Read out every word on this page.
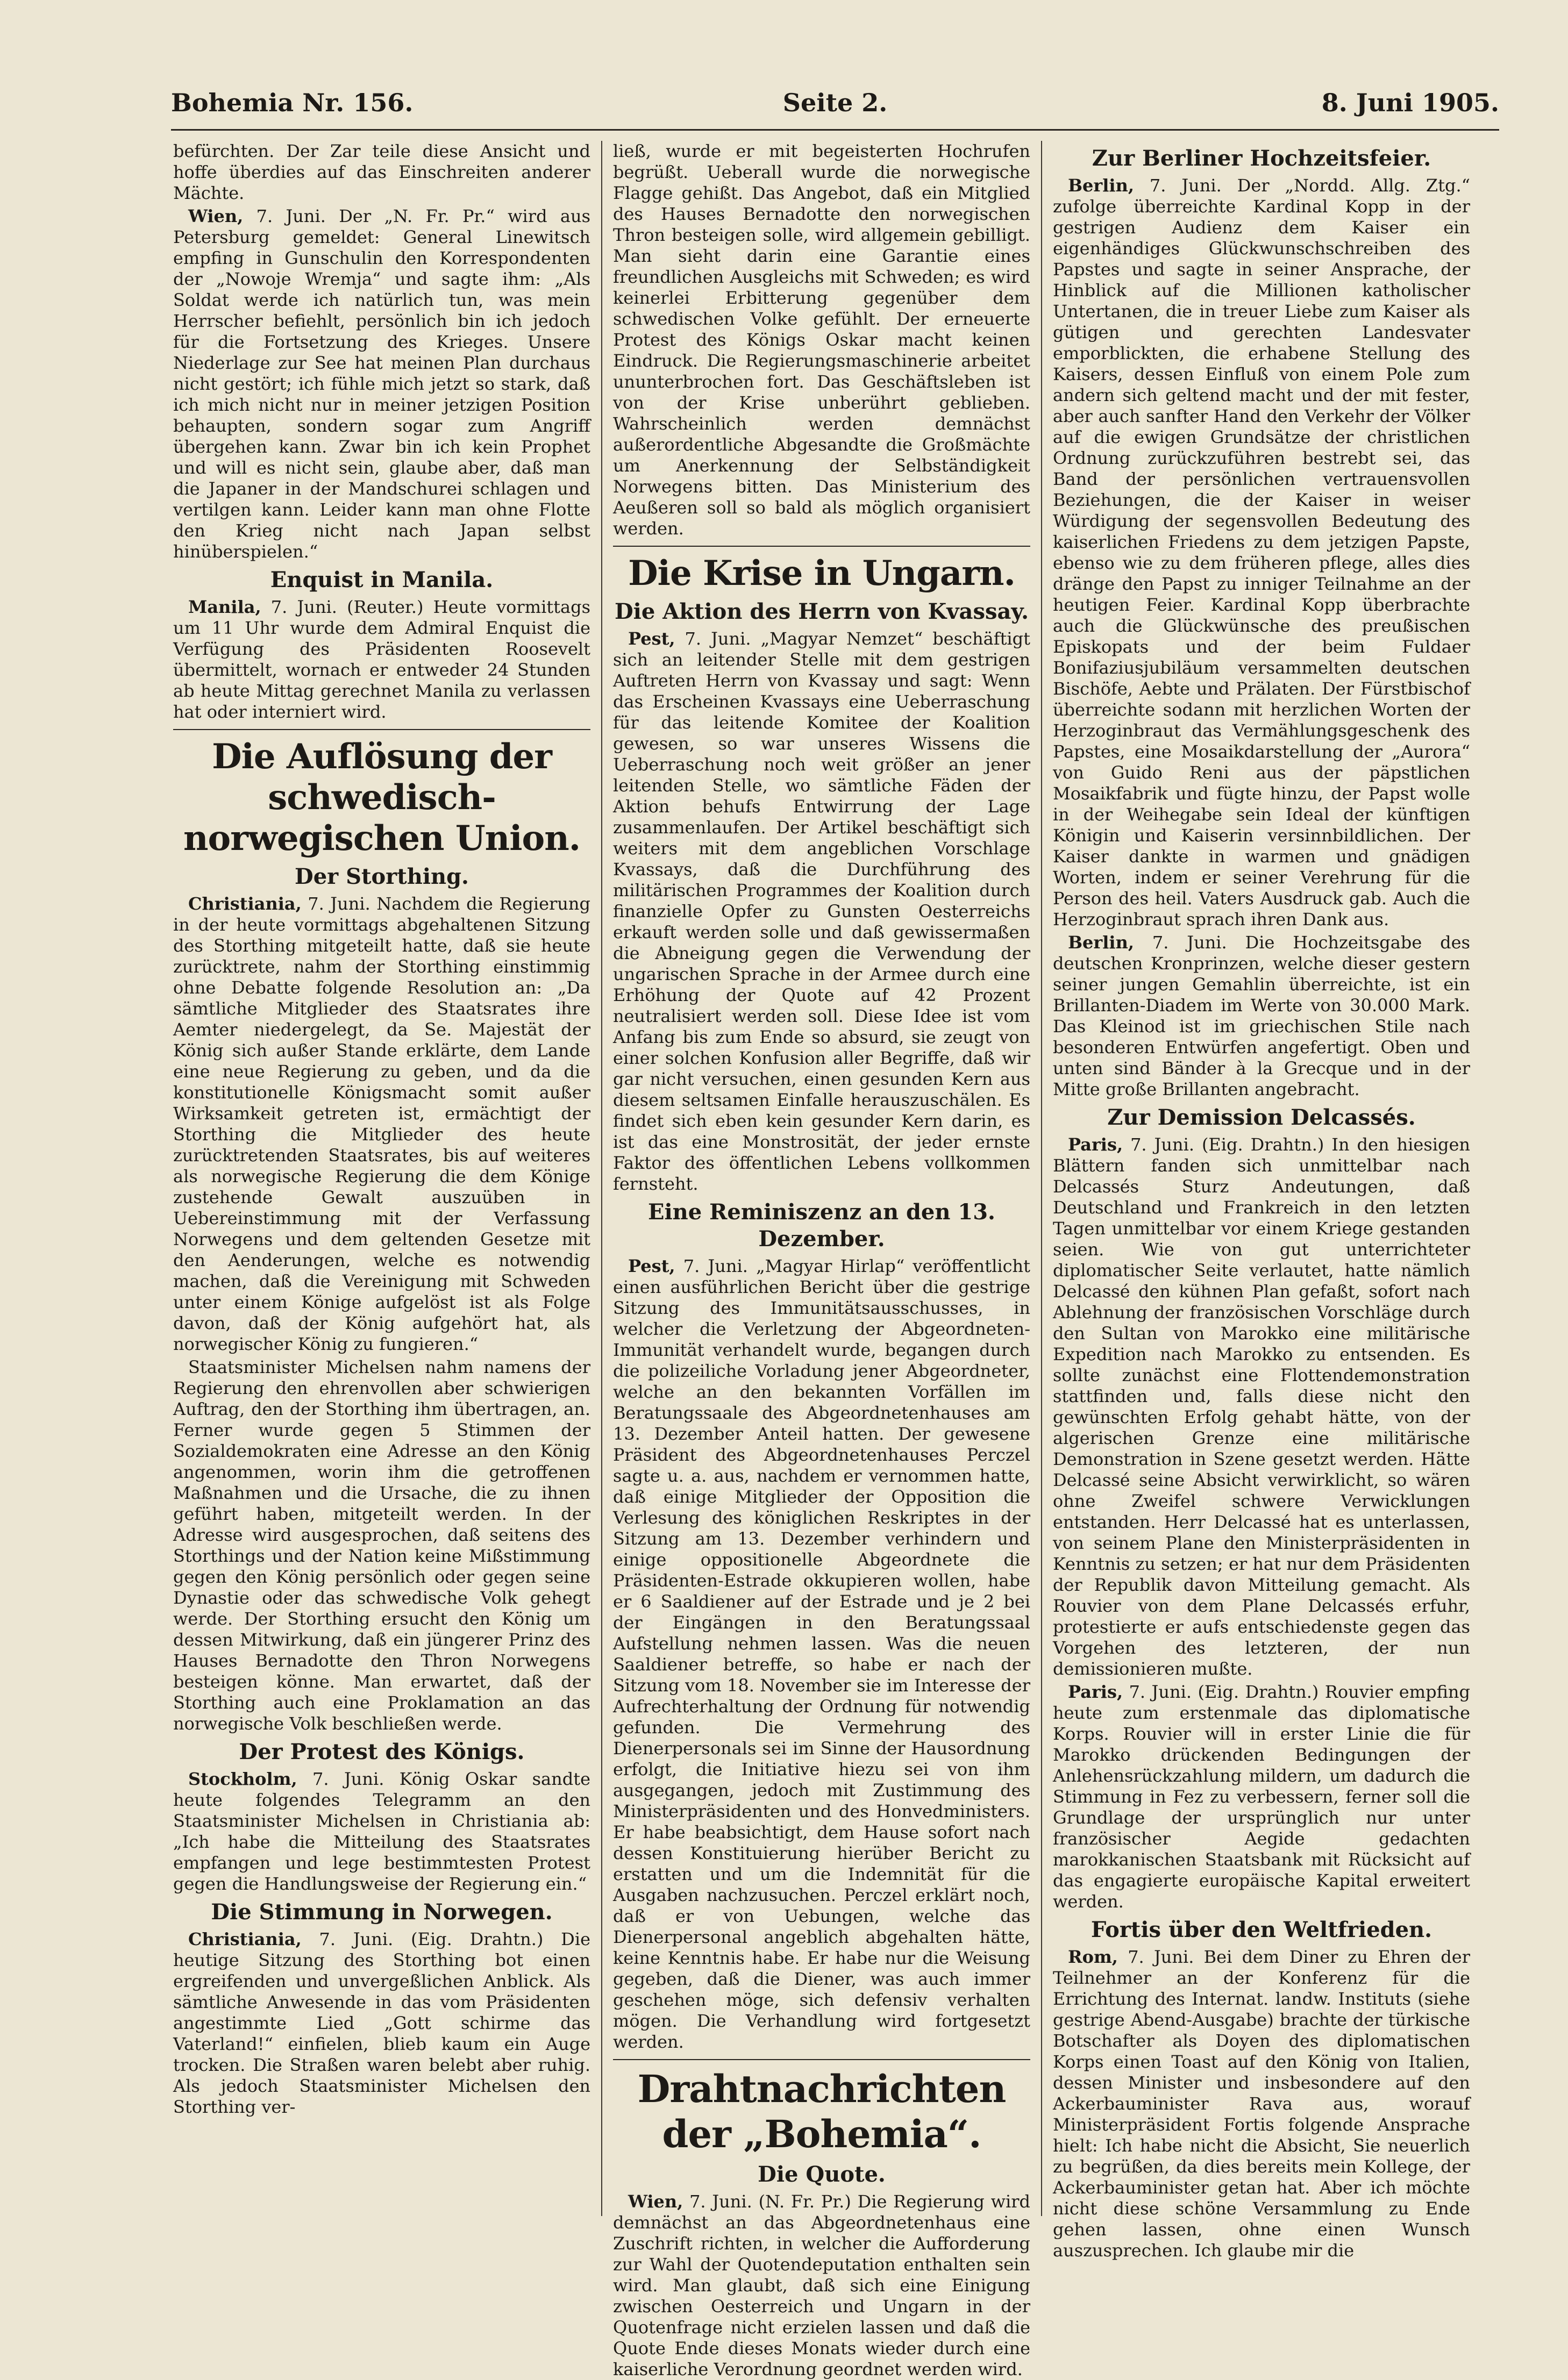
Bohemia Nr. 156.	Seite 2.	8. Juni 1905.

befürchten. Der Zar teile diese Ansicht und hoffe überdies auf das Einschreiten anderer Mächte.

Wien, 7. Juni. Der „N. Fr. Pr.“ wird aus Petersburg gemeldet: General Linewitsch empfing in Gunschulin den Korrespondenten der „Nowoje Wremja“ und sagte ihm: „Als Soldat werde ich natürlich tun, was mein Herrscher befiehlt, persönlich bin ich jedoch für die Fortsetzung des Krieges. Unsere Niederlage zur See hat meinen Plan durchaus nicht gestört; ich fühle mich jetzt so stark, daß ich mich nicht nur in meiner jetzigen Position behaupten, sondern sogar zum Angriff übergehen kann. Zwar bin ich kein Prophet und will es nicht sein, glaube aber, daß man die Japaner in der Mandschurei schlagen und vertilgen kann. Leider kann man ohne Flotte den Krieg nicht nach Japan selbst hinüberspielen.“

Enquist in Manila.

Manila, 7. Juni. (Reuter.) Heute vormittags um 11 Uhr wurde dem Admiral Enquist die Verfügung des Präsidenten Roosevelt übermittelt, wornach er entweder 24 Stunden ab heute Mittag gerechnet Manila zu verlassen hat oder interniert wird.

Die Auflösung der schwedisch-norwegischen Union.
Der Storthing.

Christiania, 7. Juni. Nachdem die Regierung in der heute vormittags abgehaltenen Sitzung des Storthing mitgeteilt hatte, daß sie heute zurücktrete, nahm der Storthing einstimmig ohne Debatte folgende Resolution an: „Da sämtliche Mitglieder des Staatsrates ihre Aemter niedergelegt, da Se. Majestät der König sich außer Stande erklärte, dem Lande eine neue Regierung zu geben, und da die konstitutionelle Königsmacht somit außer Wirksamkeit getreten ist, ermächtigt der Storthing die Mitglieder des heute zurücktretenden Staatsrates, bis auf weiteres als norwegische Regierung die dem Könige zustehende Gewalt auszuüben in Uebereinstimmung mit der Verfassung Norwegens und dem geltenden Gesetze mit den Aenderungen, welche es notwendig machen, daß die Vereinigung mit Schweden unter einem Könige aufgelöst ist als Folge davon, daß der König aufgehört hat, als norwegischer König zu fungieren.“

Staatsminister Michelsen nahm namens der Regierung den ehrenvollen aber schwierigen Auftrag, den der Storthing ihm übertragen, an. Ferner wurde gegen 5 Stimmen der Sozialdemokraten eine Adresse an den König angenommen, worin ihm die getroffenen Maßnahmen und die Ursache, die zu ihnen geführt haben, mitgeteilt werden. In der Adresse wird ausgesprochen, daß seitens des Storthings und der Nation keine Mißstimmung gegen den König persönlich oder gegen seine Dynastie oder das schwedische Volk gehegt werde. Der Storthing ersucht den König um dessen Mitwirkung, daß ein jüngerer Prinz des Hauses Bernadotte den Thron Norwegens besteigen könne. Man erwartet, daß der Storthing auch eine Proklamation an das norwegische Volk beschließen werde.

Der Protest des Königs.

Stockholm, 7. Juni. König Oskar sandte heute folgendes Telegramm an den Staatsminister Michelsen in Christiania ab: „Ich habe die Mitteilung des Staatsrates empfangen und lege bestimmtesten Protest gegen die Handlungsweise der Regierung ein.“

Die Stimmung in Norwegen.

Christiania, 7. Juni. (Eig. Drahtn.) Die heutige Sitzung des Storthing bot einen ergreifenden und unvergeßlichen Anblick. Als sämtliche Anwesende in das vom Präsidenten angestimmte Lied „Gott schirme das Vaterland!“ einfielen, blieb kaum ein Auge trocken. Die Straßen waren belebt aber ruhig. Als jedoch Staatsminister Michelsen den Storthing ver-

ließ, wurde er mit begeisterten Hochrufen begrüßt. Ueberall wurde die norwegische Flagge gehißt. Das Angebot, daß ein Mitglied des Hauses Bernadotte den norwegischen Thron besteigen solle, wird allgemein gebilligt. Man sieht darin eine Garantie eines freundlichen Ausgleichs mit Schweden; es wird keinerlei Erbitterung gegenüber dem schwedischen Volke gefühlt. Der erneuerte Protest des Königs Oskar macht keinen Eindruck. Die Regierungsmaschinerie arbeitet ununterbrochen fort. Das Geschäftsleben ist von der Krise unberührt geblieben. Wahrscheinlich werden demnächst außerordentliche Abgesandte die Großmächte um Anerkennung der Selbständigkeit Norwegens bitten. Das Ministerium des Aeußeren soll so bald als möglich organisiert werden.

Die Krise in Ungarn.
Die Aktion des Herrn von Kvassay.

Pest, 7. Juni. „Magyar Nemzet“ beschäftigt sich an leitender Stelle mit dem gestrigen Auftreten Herrn von Kvassay und sagt: Wenn das Erscheinen Kvassays eine Ueberraschung für das leitende Komitee der Koalition gewesen, so war unseres Wissens die Ueberraschung noch weit größer an jener leitenden Stelle, wo sämtliche Fäden der Aktion behufs Entwirrung der Lage zusammenlaufen. Der Artikel beschäftigt sich weiters mit dem angeblichen Vorschlage Kvassays, daß die Durchführung des militärischen Programmes der Koalition durch finanzielle Opfer zu Gunsten Oesterreichs erkauft werden solle und daß gewissermaßen die Abneigung gegen die Verwendung der ungarischen Sprache in der Armee durch eine Erhöhung der Quote auf 42 Prozent neutralisiert werden soll. Diese Idee ist vom Anfang bis zum Ende so absurd, sie zeugt von einer solchen Konfusion aller Begriffe, daß wir gar nicht versuchen, einen gesunden Kern aus diesem seltsamen Einfalle herauszuschälen. Es findet sich eben kein gesunder Kern darin, es ist das eine Monstrosität, der jeder ernste Faktor des öffentlichen Lebens vollkommen fernsteht.

Eine Reminiszenz an den 13. Dezember.

Pest, 7. Juni. „Magyar Hirlap“ veröffentlicht einen ausführlichen Bericht über die gestrige Sitzung des Immunitätsausschusses, in welcher die Verletzung der Abgeordneten-Immunität verhandelt wurde, begangen durch die polizeiliche Vorladung jener Abgeordneter, welche an den bekannten Vorfällen im Beratungssaale des Abgeordnetenhauses am 13. Dezember Anteil hatten. Der gewesene Präsident des Abgeordnetenhauses Perczel sagte u. a. aus, nachdem er vernommen hatte, daß einige Mitglieder der Opposition die Verlesung des königlichen Reskriptes in der Sitzung am 13. Dezember verhindern und einige oppositionelle Abgeordnete die Präsidenten-Estrade okkupieren wollen, habe er 6 Saaldiener auf der Estrade und je 2 bei der Eingängen in den Beratungssaal Aufstellung nehmen lassen. Was die neuen Saaldiener betreffe, so habe er nach der Sitzung vom 18. November sie im Interesse der Aufrechterhaltung der Ordnung für notwendig gefunden. Die Vermehrung des Dienerpersonals sei im Sinne der Hausordnung erfolgt, die Initiative hiezu sei von ihm ausgegangen, jedoch mit Zustimmung des Ministerpräsidenten und des Honvedministers. Er habe beabsichtigt, dem Hause sofort nach dessen Konstituierung hierüber Bericht zu erstatten und um die Indemnität für die Ausgaben nachzusuchen. Perczel erklärt noch, daß er von Uebungen, welche das Dienerpersonal angeblich abgehalten hätte, keine Kenntnis habe. Er habe nur die Weisung gegeben, daß die Diener, was auch immer geschehen möge, sich defensiv verhalten mögen. Die Verhandlung wird fortgesetzt werden.

Drahtnachrichten der „Bohemia“.
Die Quote.

Wien, 7. Juni. (N. Fr. Pr.) Die Regierung wird demnächst an das Abgeordnetenhaus eine Zuschrift richten, in welcher die Aufforderung zur Wahl der Quotendeputation enthalten sein wird. Man glaubt, daß sich eine Einigung zwischen Oesterreich und Ungarn in der Quotenfrage nicht erzielen lassen und daß die Quote Ende dieses Monats wieder durch eine kaiserliche Verordnung geordnet werden wird.

Zur Berliner Hochzeitsfeier.

Berlin, 7. Juni. Der „Nordd. Allg. Ztg.“ zufolge überreichte Kardinal Kopp in der gestrigen Audienz dem Kaiser ein eigenhändiges Glückwunschschreiben des Papstes und sagte in seiner Ansprache, der Hinblick auf die Millionen katholischer Untertanen, die in treuer Liebe zum Kaiser als gütigen und gerechten Landesvater emporblickten, die erhabene Stellung des Kaisers, dessen Einfluß von einem Pole zum andern sich geltend macht und der mit fester, aber auch sanfter Hand den Verkehr der Völker auf die ewigen Grundsätze der christlichen Ordnung zurückzuführen bestrebt sei, das Band der persönlichen vertrauensvollen Beziehungen, die der Kaiser in weiser Würdigung der segensvollen Bedeutung des kaiserlichen Friedens zu dem jetzigen Papste, ebenso wie zu dem früheren pflege, alles dies dränge den Papst zu inniger Teilnahme an der heutigen Feier. Kardinal Kopp überbrachte auch die Glückwünsche des preußischen Episkopats und der beim Fuldaer Bonifaziusjubiläum versammelten deutschen Bischöfe, Aebte und Prälaten. Der Fürstbischof überreichte sodann mit herzlichen Worten der Herzoginbraut das Vermählungsgeschenk des Papstes, eine Mosaikdarstellung der „Aurora“ von Guido Reni aus der päpstlichen Mosaikfabrik und fügte hinzu, der Papst wolle in der Weihegabe sein Ideal der künftigen Königin und Kaiserin versinnbildlichen. Der Kaiser dankte in warmen und gnädigen Worten, indem er seiner Verehrung für die Person des heil. Vaters Ausdruck gab. Auch die Herzoginbraut sprach ihren Dank aus.

Berlin, 7. Juni. Die Hochzeitsgabe des deutschen Kronprinzen, welche dieser gestern seiner jungen Gemahlin überreichte, ist ein Brillanten-Diadem im Werte von 30.000 Mark. Das Kleinod ist im griechischen Stile nach besonderen Entwürfen angefertigt. Oben und unten sind Bänder à la Grecque und in der Mitte große Brillanten angebracht.

Zur Demission Delcassés.

Paris, 7. Juni. (Eig. Drahtn.) In den hiesigen Blättern fanden sich unmittelbar nach Delcassés Sturz Andeutungen, daß Deutschland und Frankreich in den letzten Tagen unmittelbar vor einem Kriege gestanden seien. Wie von gut unterrichteter diplomatischer Seite verlautet, hatte nämlich Delcassé den kühnen Plan gefaßt, sofort nach Ablehnung der französischen Vorschläge durch den Sultan von Marokko eine militärische Expedition nach Marokko zu entsenden. Es sollte zunächst eine Flottendemonstration stattfinden und, falls diese nicht den gewünschten Erfolg gehabt hätte, von der algerischen Grenze eine militärische Demonstration in Szene gesetzt werden. Hätte Delcassé seine Absicht verwirklicht, so wären ohne Zweifel schwere Verwicklungen entstanden. Herr Delcassé hat es unterlassen, von seinem Plane den Ministerpräsidenten in Kenntnis zu setzen; er hat nur dem Präsidenten der Republik davon Mitteilung gemacht. Als Rouvier von dem Plane Delcassés erfuhr, protestierte er aufs entschiedenste gegen das Vorgehen des letzteren, der nun demissionieren mußte.

Paris, 7. Juni. (Eig. Drahtn.) Rouvier empfing heute zum erstenmale das diplomatische Korps. Rouvier will in erster Linie die für Marokko drückenden Bedingungen der Anlehensrückzahlung mildern, um dadurch die Stimmung in Fez zu verbessern, ferner soll die Grundlage der ursprünglich nur unter französischer Aegide gedachten marokkanischen Staatsbank mit Rücksicht auf das engagierte europäische Kapital erweitert werden.

Fortis über den Weltfrieden.

Rom, 7. Juni. Bei dem Diner zu Ehren der Teilnehmer an der Konferenz für die Errichtung des Internat. landw. Instituts (siehe gestrige Abend-Ausgabe) brachte der türkische Botschafter als Doyen des diplomatischen Korps einen Toast auf den König von Italien, dessen Minister und insbesondere auf den Ackerbauminister Rava aus, worauf Ministerpräsident Fortis folgende Ansprache hielt: Ich habe nicht die Absicht, Sie neuerlich zu begrüßen, da dies bereits mein Kollege, der Ackerbauminister getan hat. Aber ich möchte nicht diese schöne Versammlung zu Ende gehen lassen, ohne einen Wunsch auszusprechen. Ich glaube mir die
